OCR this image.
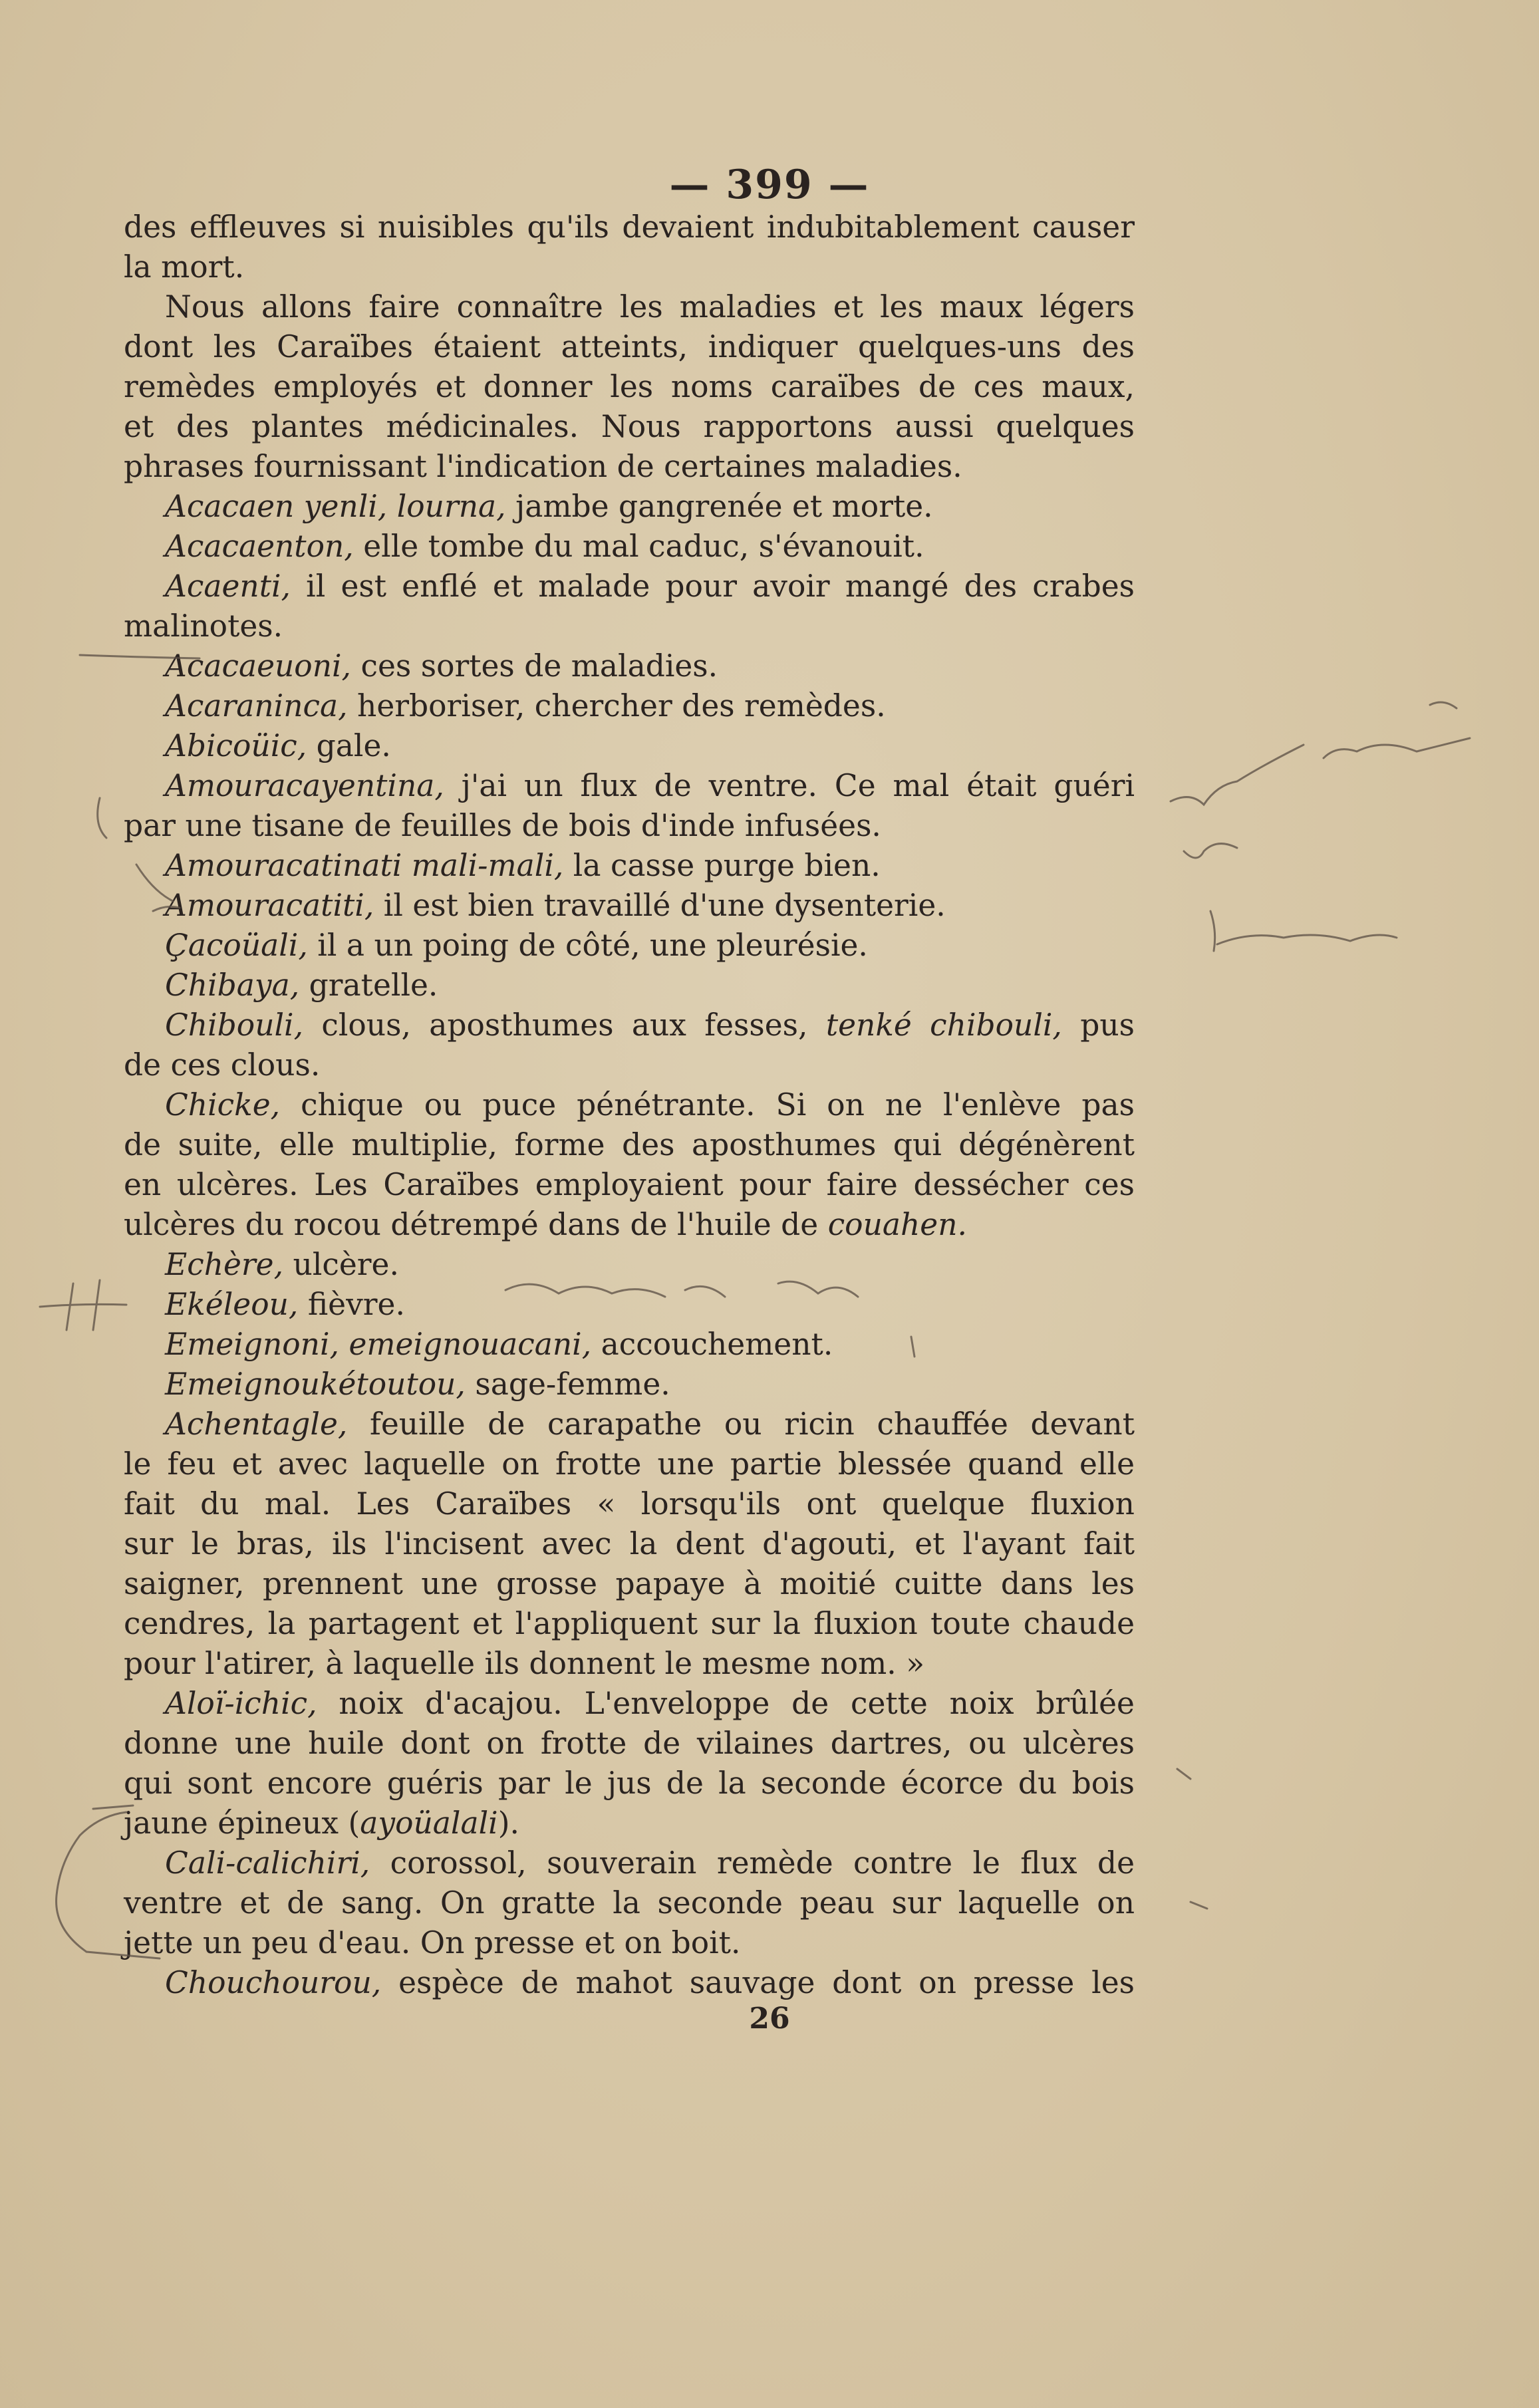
— 399 —
des effleuves si nuisibles qu'ils devaient indubitablement causer
la mort.
Nous allons faire connaître les maladies et les maux légers
dont les Caraïbes étaient atteints, indiquer quelques-uns des
remèdes employés et donner les noms caraïbes de ces maux,
et des plantes médicinales. Nous rapportons aussi quelques
phrases fournissant l'indication de certaines maladies.
Acacaen yenli, lourna, jambe gangrenée et morte.
Acacaenton, elle tombe du mal caduc, s'évanouit.
Acaenti, il est enflé et malade pour avoir mangé des crabes
malinotes.
Acacaeuoni, ces sortes de maladies.
Acaraninca, herboriser, chercher des remèdes.
Abicoüic, gale.
Amouracayentina, j'ai un flux de ventre. Ce mal était guéri
par une tisane de feuilles de bois d'inde infusées.
Amouracatinati mali-mali, la casse purge bien.
Amouracatiti, il est bien travaillé d'une dysenterie.
Çacoüali, il a un poing de côté, une pleurésie.
Chibaya, gratelle.
Chibouli, clous, aposthumes aux fesses, tenké chibouli, pus
de ces clous.
Chicke, chique ou puce pénétrante. Si on ne l'enlève pas
de suite, elle multiplie, forme des aposthumes qui dégénèrent
en ulcères. Les Caraïbes employaient pour faire dessécher ces
ulcères du rocou détrempé dans de l'huile de couahen.
Echère, ulcère.
Ekéleou, fièvre.
Emeignoni, emeignouacani, accouchement.
Emeignoukétoutou, sage-femme.
Achentagle, feuille de carapathe ou ricin chauffée devant
le feu et avec laquelle on frotte une partie blessée quand elle
fait du mal. Les Caraïbes « lorsqu'ils ont quelque fluxion
sur le bras, ils l'incisent avec la dent d'agouti, et l'ayant fait
saigner, prennent une grosse papaye à moitié cuitte dans les
cendres, la partagent et l'appliquent sur la fluxion toute chaude
pour l'atirer, à laquelle ils donnent le mesme nom. »
Aloï-ichic, noix d'acajou. L'enveloppe de cette noix brûlée
donne une huile dont on frotte de vilaines dartres, ou ulcères
qui sont encore guéris par le jus de la seconde écorce du bois
jaune épineux (ayoüalali).
Cali-calichiri, corossol, souverain remède contre le flux de
ventre et de sang. On gratte la seconde peau sur laquelle on
jette un peu d'eau. On presse et on boit.
Chouchourou, espèce de mahot sauvage dont on presse les
26
